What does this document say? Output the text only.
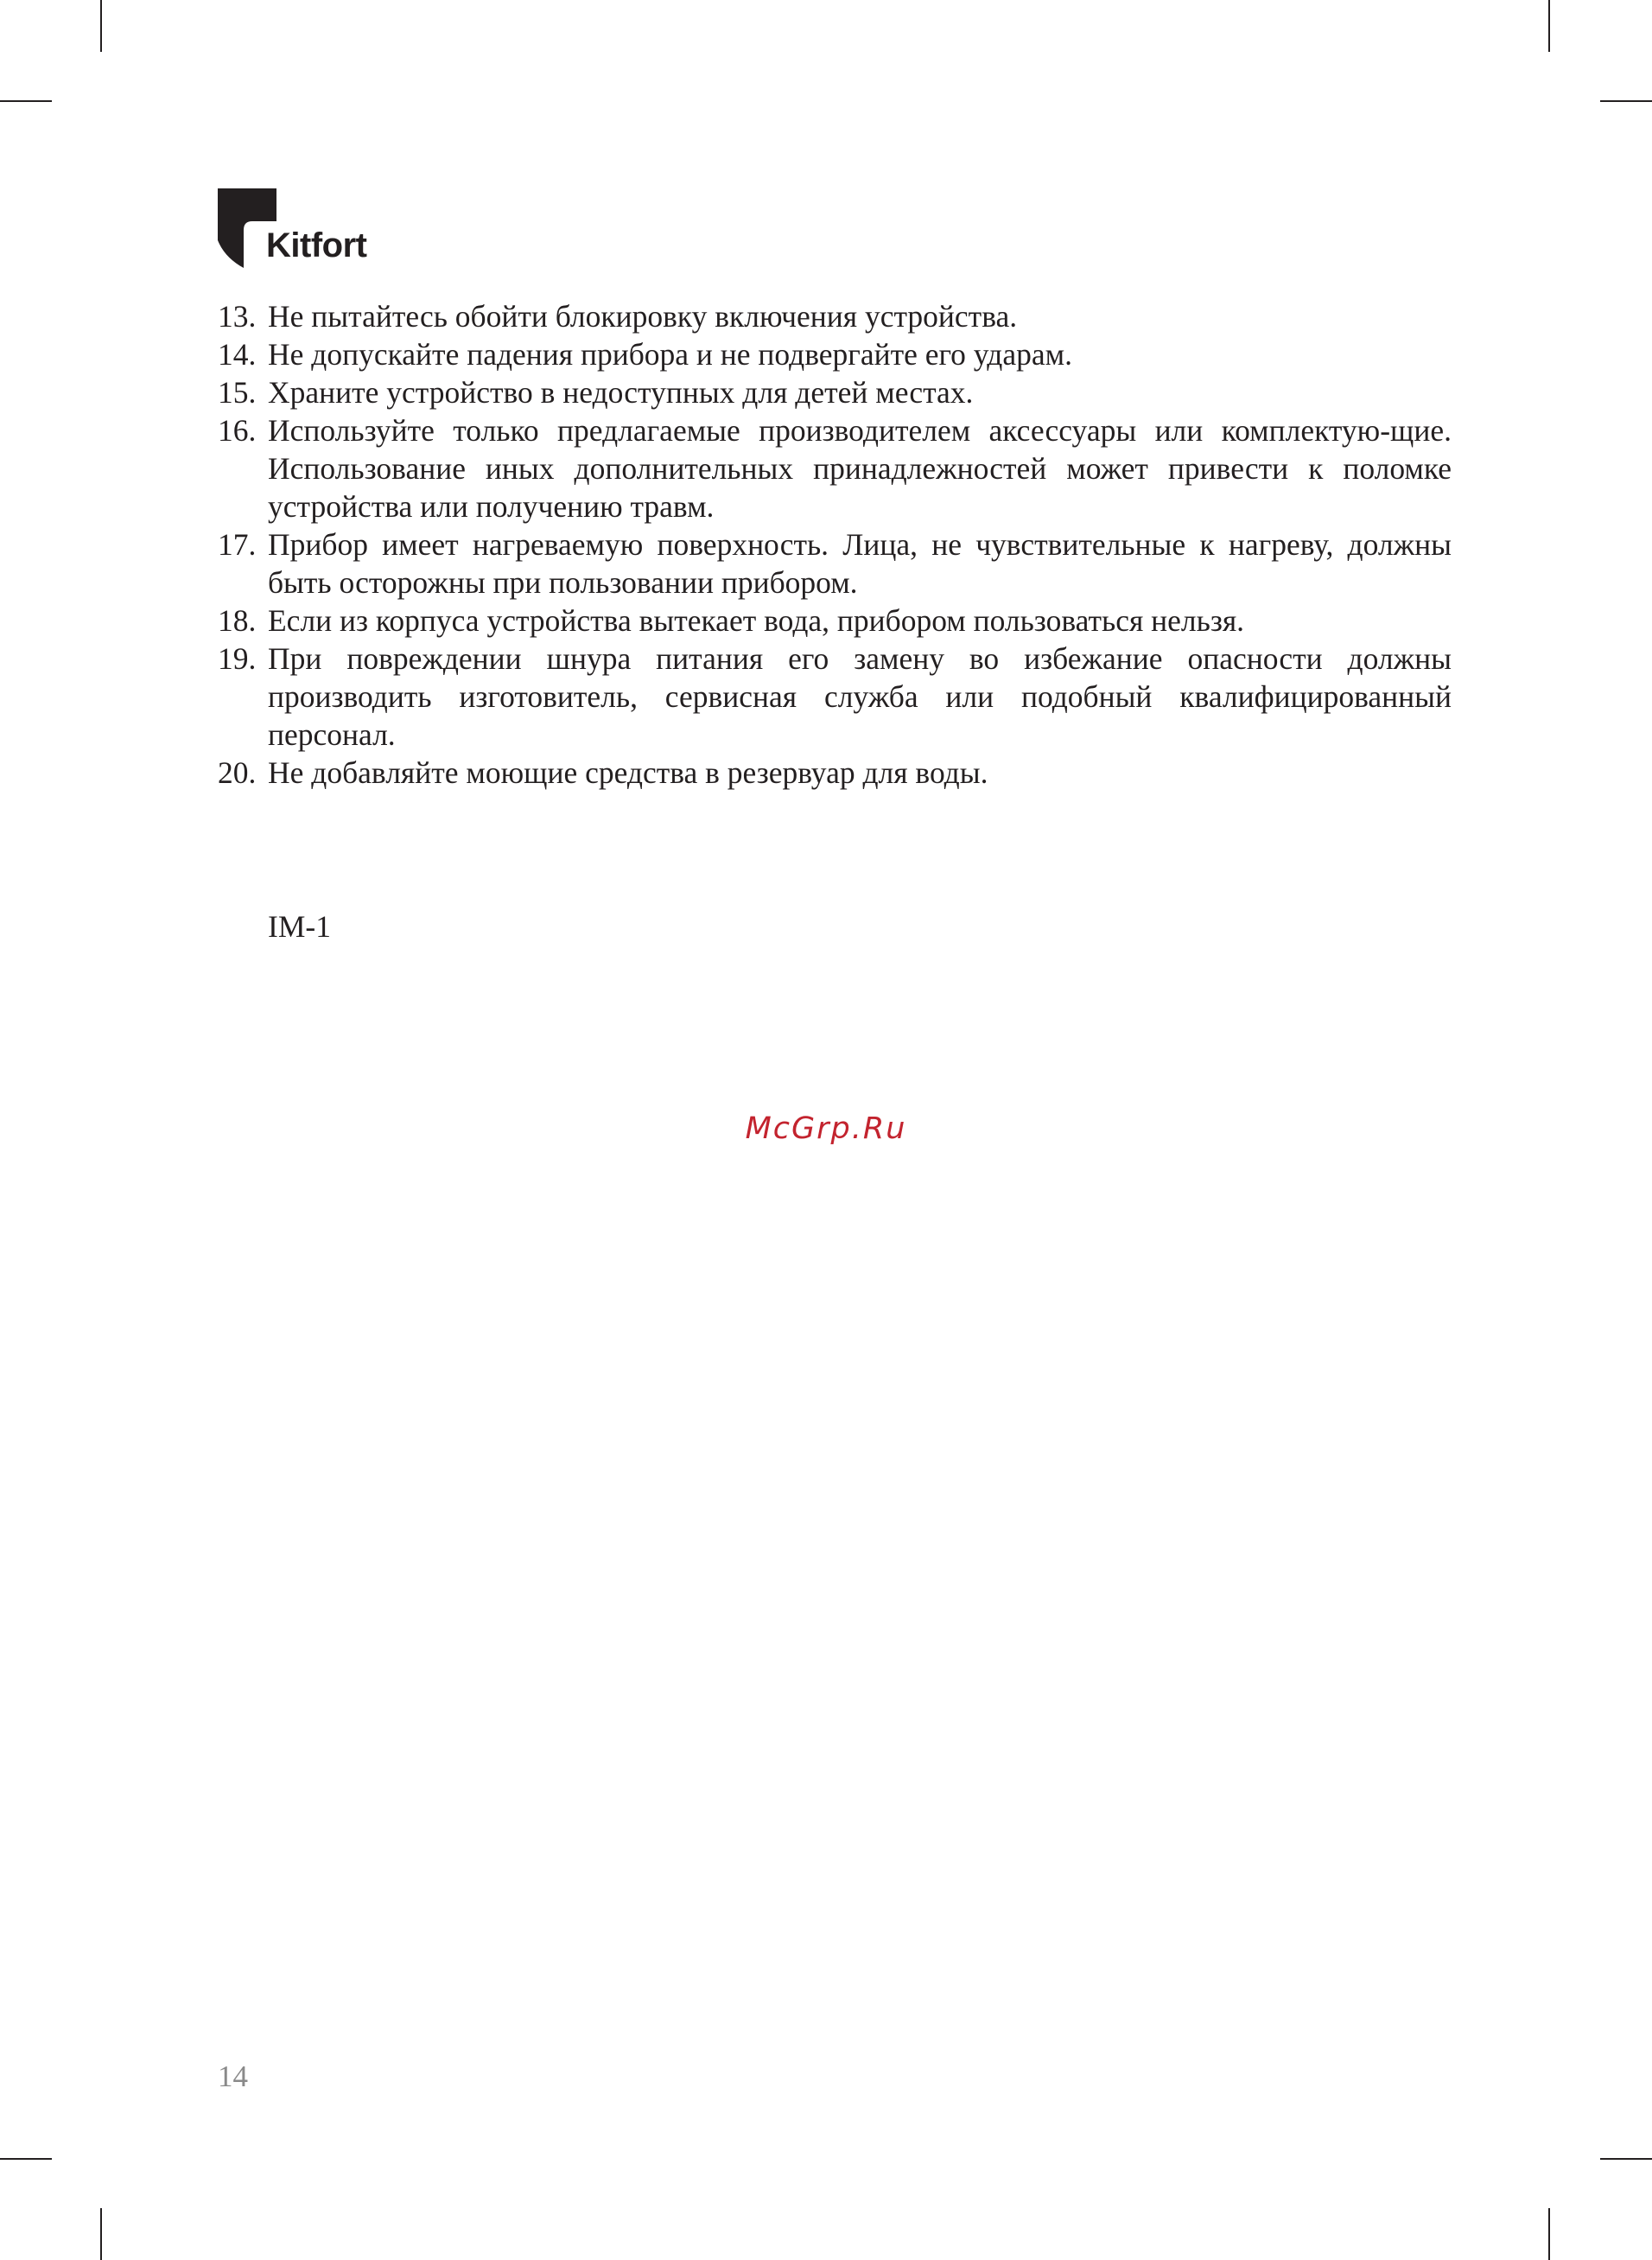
Kitfort
13. Не пытайтесь обойти блокировку включения устройства.
14. Не допускайте падения прибора и не подвергайте его ударам.
15. Храните устройство в недоступных для детей местах.
16. Используйте только предлагаемые производителем аксессуары или комплектую-щие. Использование иных дополнительных принадлежностей может привести к поломке устройства или получению травм.
17. Прибор имеет нагреваемую поверхность. Лица, не чувствительные к нагреву, должны быть осторожны при пользовании прибором.
18. Если из корпуса устройства вытекает вода, прибором пользоваться нельзя.
19. При повреждении шнура питания его замену во избежание опасности должны производить изготовитель, сервисная служба или подобный квалифицированный персонал.
20. Не добавляйте моющие средства в резервуар для воды.
IM-1
McGrp.Ru
14
